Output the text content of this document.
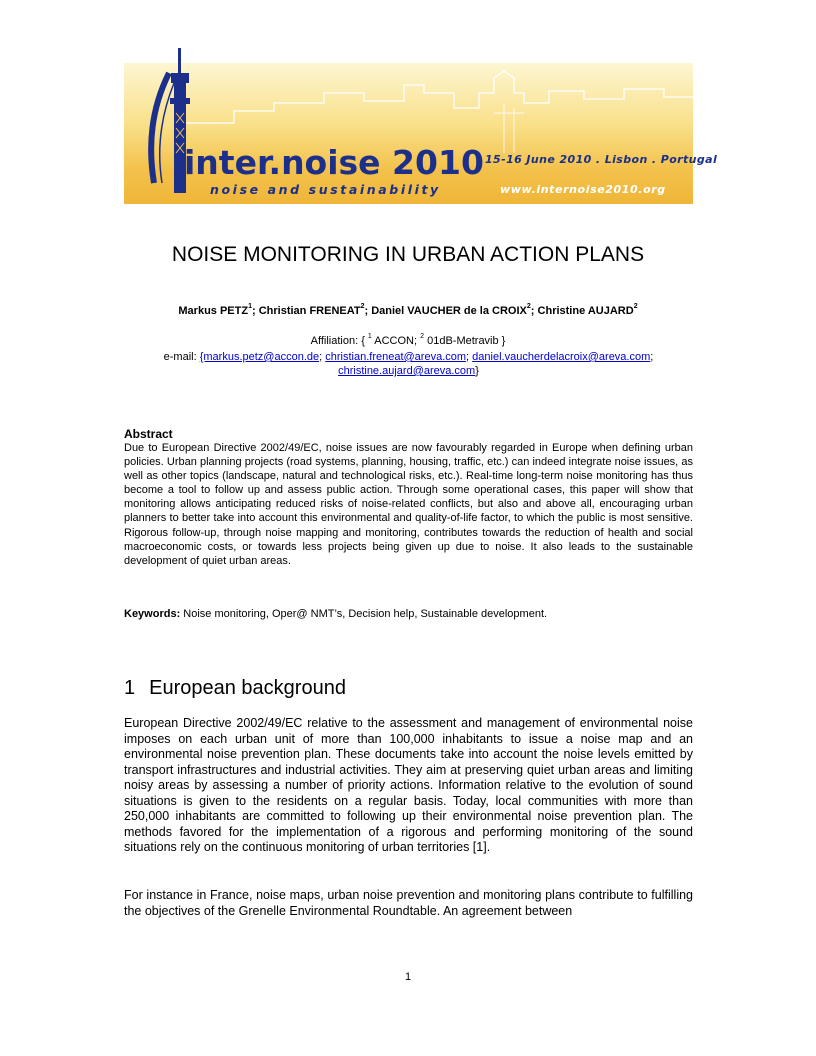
inter.noise 2010
noise and sustainability
15-16 June 2010 . Lisbon . Portugal
www.internoise2010.org
NOISE MONITORING IN URBAN ACTION PLANS
Markus PETZ$^1$; Christian FRENEAT$^2$; Daniel VAUCHER de la CROIX$^2$; Christine AUJARD$^2$
Affiliation: { $^1$ ACCON; $^2$ 01dB-Metravib }
e-mail: {markus.petz@accon.de; christian.freneat@areva.com; daniel.vaucherdelacroix@areva.com;
christine.aujard@areva.com}
Abstract

Due to European Directive 2002/49/EC, noise issues are now favourably regarded in Europe when defining urban policies. Urban planning projects (road systems, planning, housing, traffic, etc.) can indeed integrate noise issues, as well as other topics (landscape, natural and technological risks, etc.). Real-time long-term noise monitoring has thus become a tool to follow up and assess public action. Through some operational cases, this paper will show that monitoring allows anticipating reduced risks of noise-related conflicts, but also and above all, encouraging urban planners to better take into account this environmental and quality-of-life factor, to which the public is most sensitive. Rigorous follow-up, through noise mapping and monitoring, contributes towards the reduction of health and social macroeconomic costs, or towards less projects being given up due to noise. It also leads to the sustainable development of quiet urban areas.

Keywords: Noise monitoring, Oper@ NMT’s, Decision help, Sustainable development.

1 European background

European Directive 2002/49/EC relative to the assessment and management of environmental noise imposes on each urban unit of more than 100,000 inhabitants to issue a noise map and an environmental noise prevention plan. These documents take into account the noise levels emitted by transport infrastructures and industrial activities. They aim at preserving quiet urban areas and limiting noisy areas by assessing a number of priority actions. Information relative to the evolution of sound situations is given to the residents on a regular basis. Today, local communities with more than 250,000 inhabitants are committed to following up their environmental noise prevention plan. The methods favored for the implementation of a rigorous and performing monitoring of the sound situations rely on the continuous monitoring of urban territories [1].

For instance in France, noise maps, urban noise prevention and monitoring plans contribute to fulfilling the objectives of the Grenelle Environmental Roundtable. An agreement between

1
